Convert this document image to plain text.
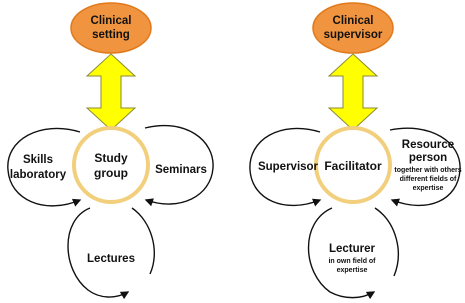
Clinical
setting
Study
group
Skills
laboratory	Seminars
Lectures
Clinical
supervisor
Facilitator
Supervisor
Resource
person
together with others
different fields of
expertise
Lecturer
in own field of
expertise
